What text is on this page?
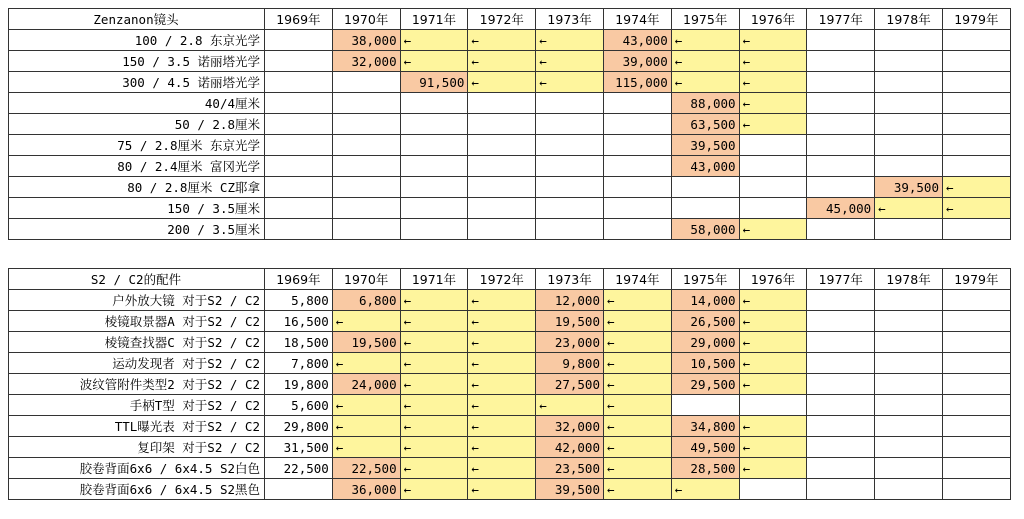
Zenzanon镜头	1969年	1970年	1971年	1972年	1973年	1974年	1975年	1976年	1977年	1978年	1979年
100 / 2.8 东京光学		38,000	←	←	←	43,000	←	←			
150 / 3.5 诺丽塔光学		32,000	←	←	←	39,000	←	←			
300 / 4.5 诺丽塔光学			91,500	←	←	115,000	←	←			
40/4厘米							88,000	←			
50 / 2.8厘米							63,500	←			
75 / 2.8厘米 东京光学							39,500				
80 / 2.4厘米 富冈光学							43,000				
80 / 2.8厘米 CZ耶拿										39,500	←
150 / 3.5厘米									45,000	←	←
200 / 3.5厘米							58,000	←			
S2 / C2的配件	1969年	1970年	1971年	1972年	1973年	1974年	1975年	1976年	1977年	1978年	1979年
户外放大镜 对于S2 / C2	5,800	6,800	←	←	12,000	←	14,000	←			
棱镜取景器A 对于S2 / C2	16,500	←	←	←	19,500	←	26,500	←			
棱镜查找器C 对于S2 / C2	18,500	19,500	←	←	23,000	←	29,000	←			
运动发现者 对于S2 / C2	7,800	←	←	←	9,800	←	10,500	←			
波纹管附件类型2 对于S2 / C2	19,800	24,000	←	←	27,500	←	29,500	←			
手柄T型 对于S2 / C2	5,600	←	←	←	←	←					
TTL曝光表 对于S2 / C2	29,800	←	←	←	32,000	←	34,800	←			
复印架 对于S2 / C2	31,500	←	←	←	42,000	←	49,500	←			
胶卷背面6x6 / 6x4.5 S2白色	22,500	22,500	←	←	23,500	←	28,500	←			
胶卷背面6x6 / 6x4.5 S2黑色		36,000	←	←	39,500	←	←				
